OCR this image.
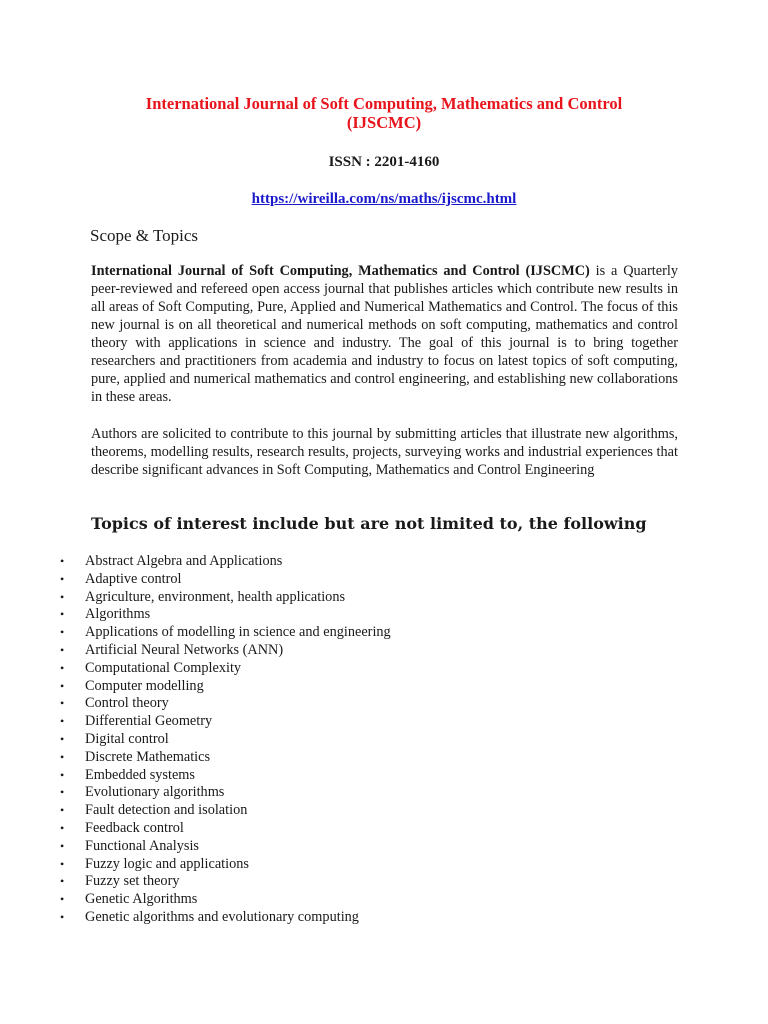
International Journal of Soft Computing, Mathematics and Control
(IJSCMC)
ISSN : 2201-4160
https://wireilla.com/ns/maths/ijscmc.html
Scope & Topics

International Journal of Soft Computing, Mathematics and Control (IJSCMC) is a Quarterly peer-reviewed and refereed open access journal that publishes articles which contribute new results in all areas of Soft Computing, Pure, Applied and Numerical Mathematics and Control. The focus of this new journal is on all theoretical and numerical methods on soft computing, mathematics and control theory with applications in science and industry. The goal of this journal is to bring together researchers and practitioners from academia and industry to focus on latest topics of soft computing, pure, applied and numerical mathematics and control engineering, and establishing new collaborations in these areas.

Authors are solicited to contribute to this journal by submitting articles that illustrate new algorithms, theorems, modelling results, research results, projects, surveying works and industrial experiences that describe significant advances in Soft Computing, Mathematics and Control Engineering

Topics of interest include but are not limited to, the following
• Abstract Algebra and Applications
• Adaptive control
• Agriculture, environment, health applications
• Algorithms
• Applications of modelling in science and engineering
• Artificial Neural Networks (ANN)
• Computational Complexity
• Computer modelling
• Control theory
• Differential Geometry
• Digital control
• Discrete Mathematics
• Embedded systems
• Evolutionary algorithms
• Fault detection and isolation
• Feedback control
• Functional Analysis
• Fuzzy logic and applications
• Fuzzy set theory
• Genetic Algorithms
• Genetic algorithms and evolutionary computing
